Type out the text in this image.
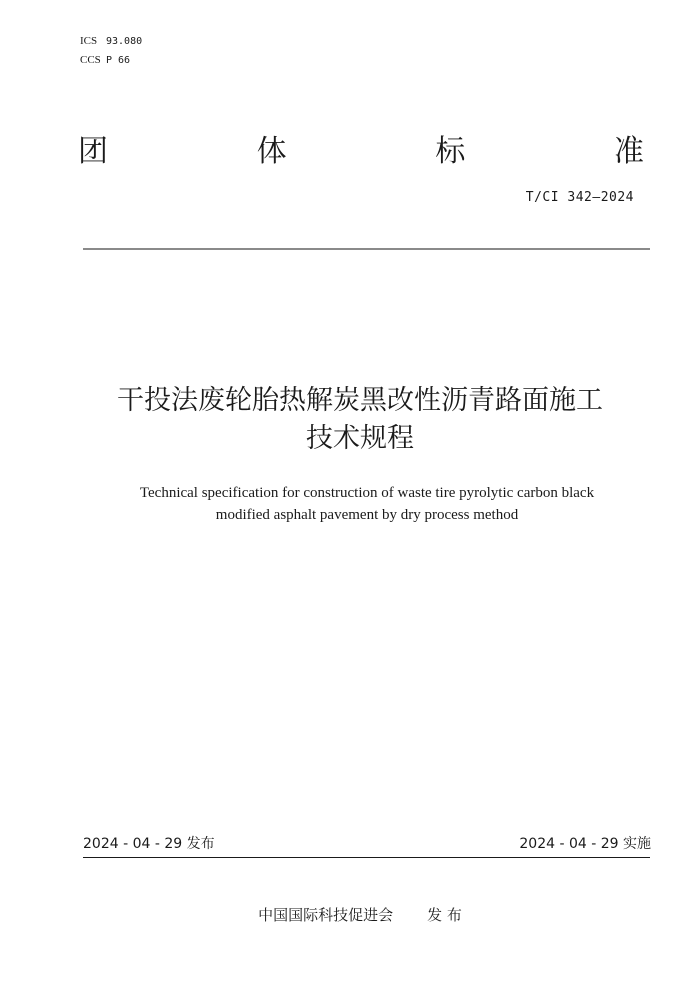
ICS 93.080
CCS P 66
团	体	标	准
T/CI 342—2024
干投法废轮胎热解炭黑改性沥青路面施工
技术规程
Technical specification for construction of waste tire pyrolytic carbon black
modified asphalt pavement by dry process method
2024 - 04 - 29 发布	2024 - 04 - 29 实施
中国国际科技促进会 发 布
